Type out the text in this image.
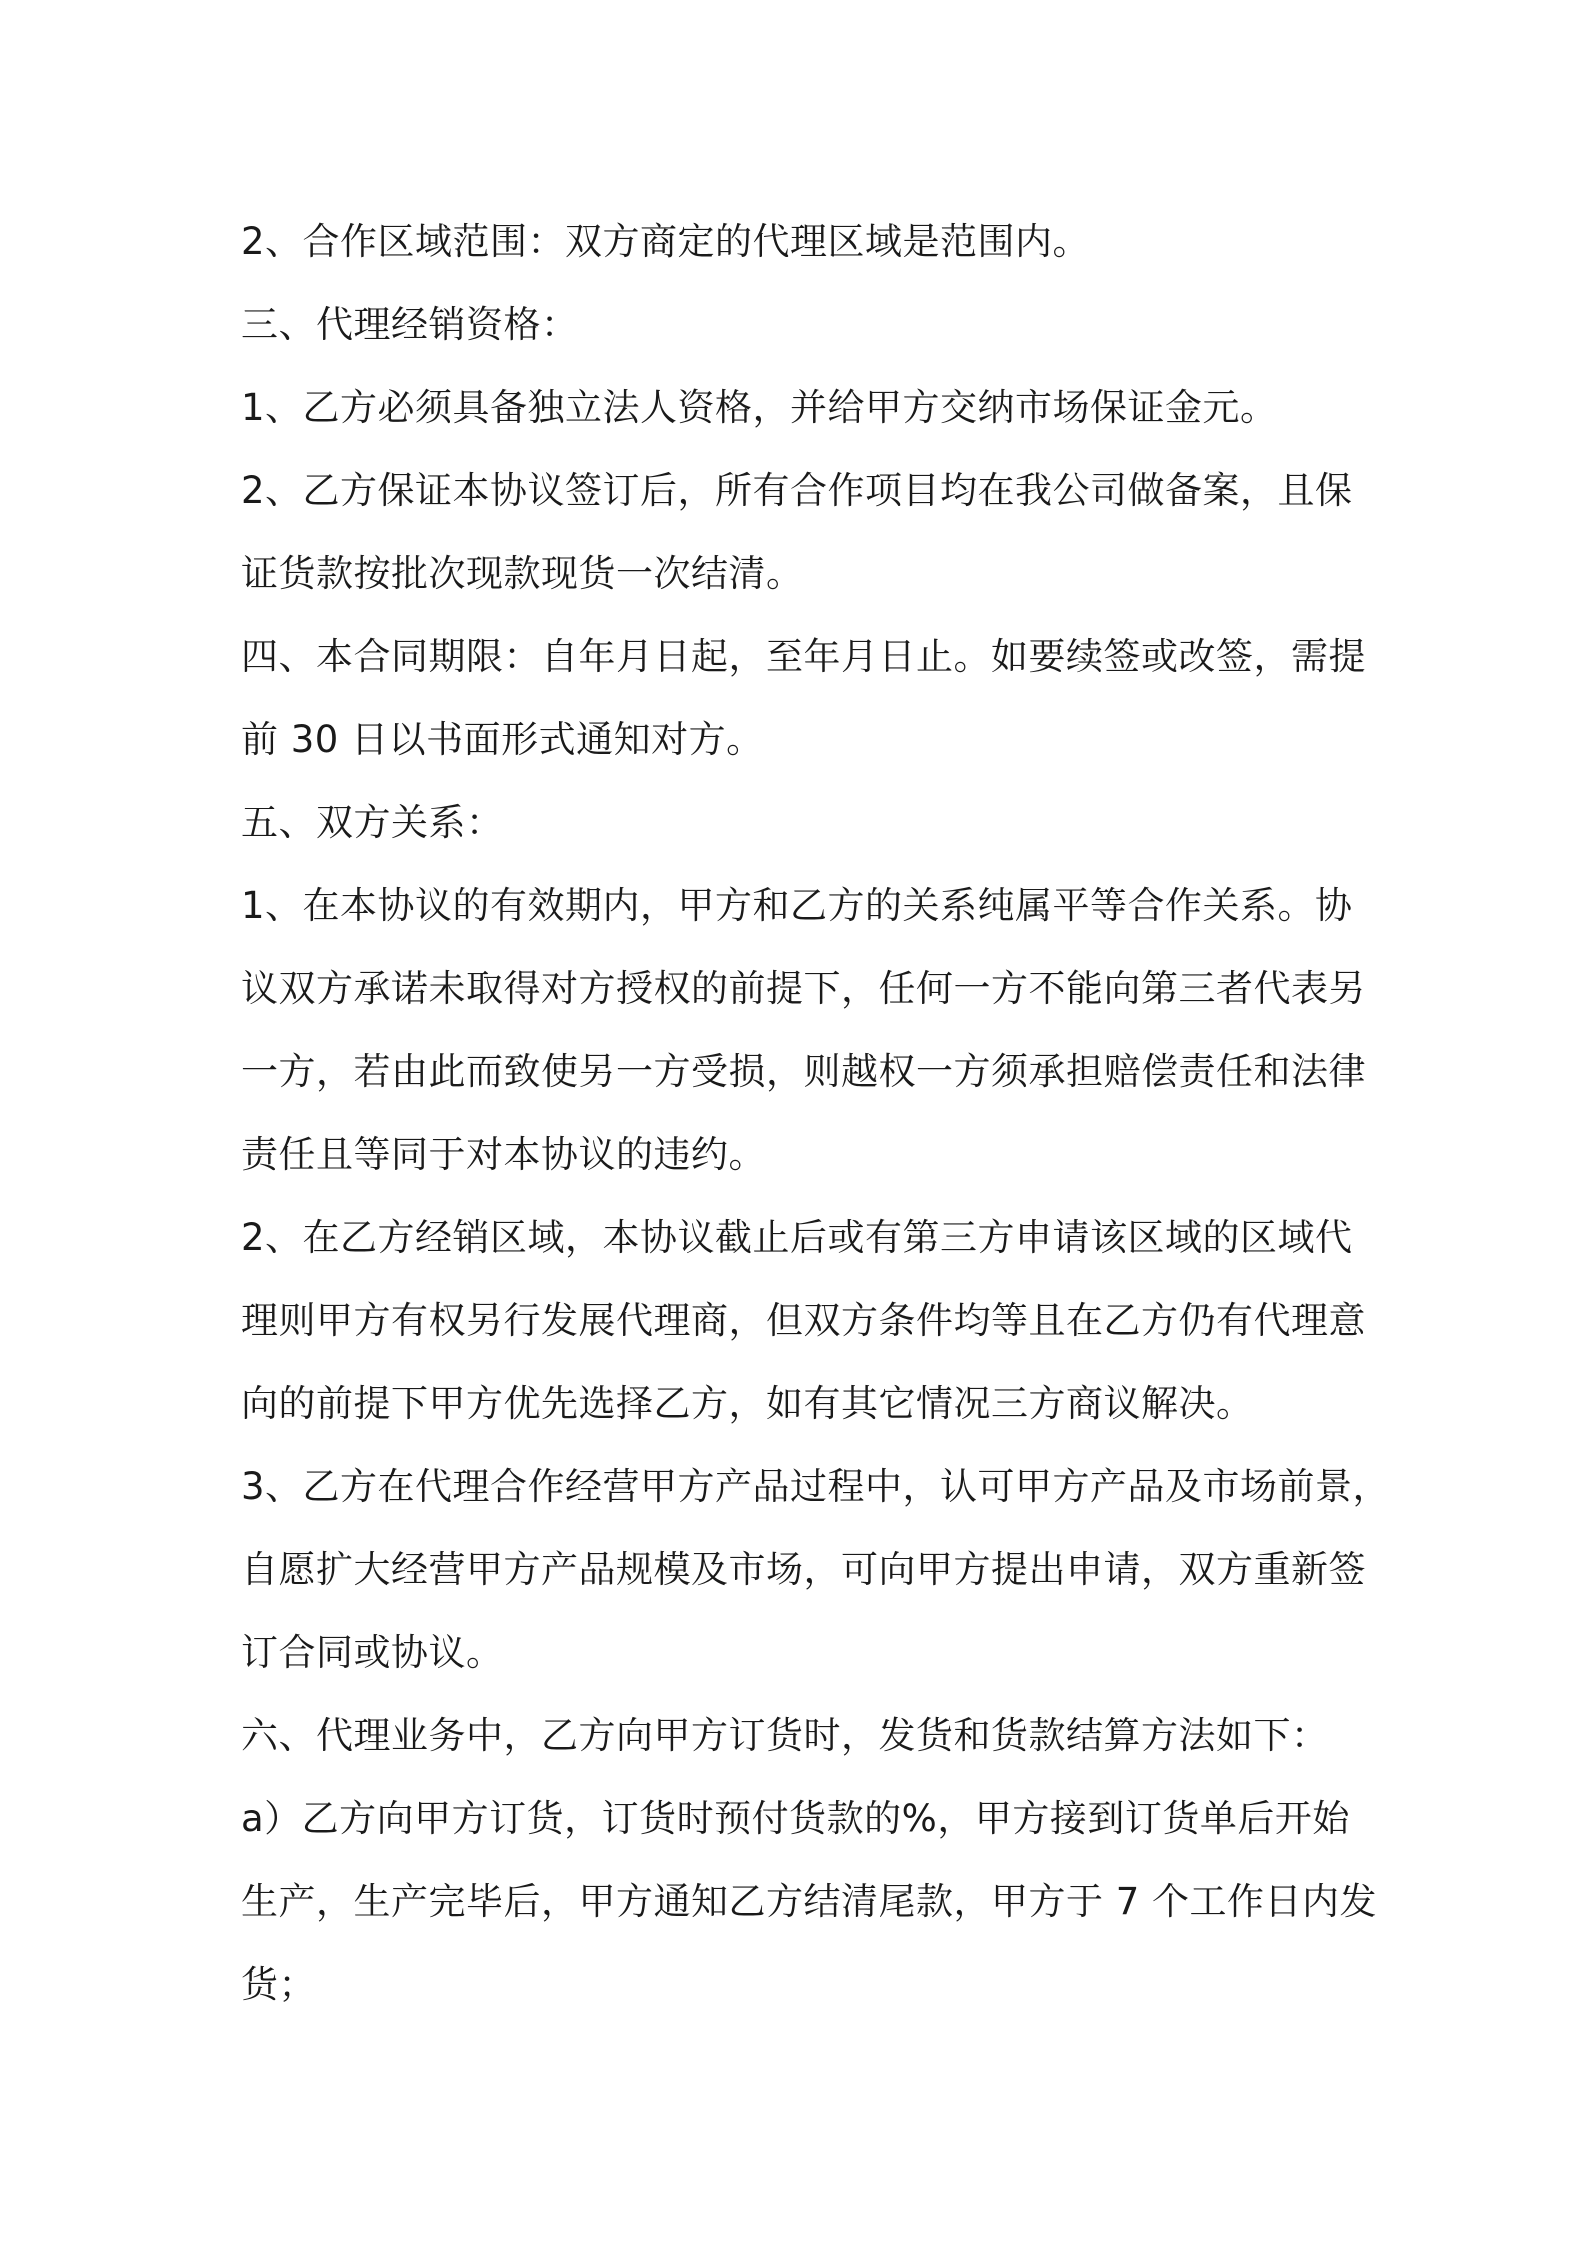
2、合作区域范围：双方商定的代理区域是范围内。
三、代理经销资格：
1、乙方必须具备独立法人资格，并给甲方交纳市场保证金元。
2、乙方保证本协议签订后，所有合作项目均在我公司做备案，且保
证货款按批次现款现货一次结清。
四、本合同期限：自年月日起，至年月日止。如要续签或改签，需提
前 30 日以书面形式通知对方。
五、双方关系：
1、在本协议的有效期内，甲方和乙方的关系纯属平等合作关系。协
议双方承诺未取得对方授权的前提下，任何一方不能向第三者代表另
一方，若由此而致使另一方受损，则越权一方须承担赔偿责任和法律
责任且等同于对本协议的违约。
2、在乙方经销区域，本协议截止后或有第三方申请该区域的区域代
理则甲方有权另行发展代理商，但双方条件均等且在乙方仍有代理意
向的前提下甲方优先选择乙方，如有其它情况三方商议解决。
3、乙方在代理合作经营甲方产品过程中，认可甲方产品及市场前景，
自愿扩大经营甲方产品规模及市场，可向甲方提出申请，双方重新签
订合同或协议。
六、代理业务中，乙方向甲方订货时，发货和货款结算方法如下：
a）乙方向甲方订货，订货时预付货款的%，甲方接到订货单后开始
生产，生产完毕后，甲方通知乙方结清尾款，甲方于 7 个工作日内发
货；
